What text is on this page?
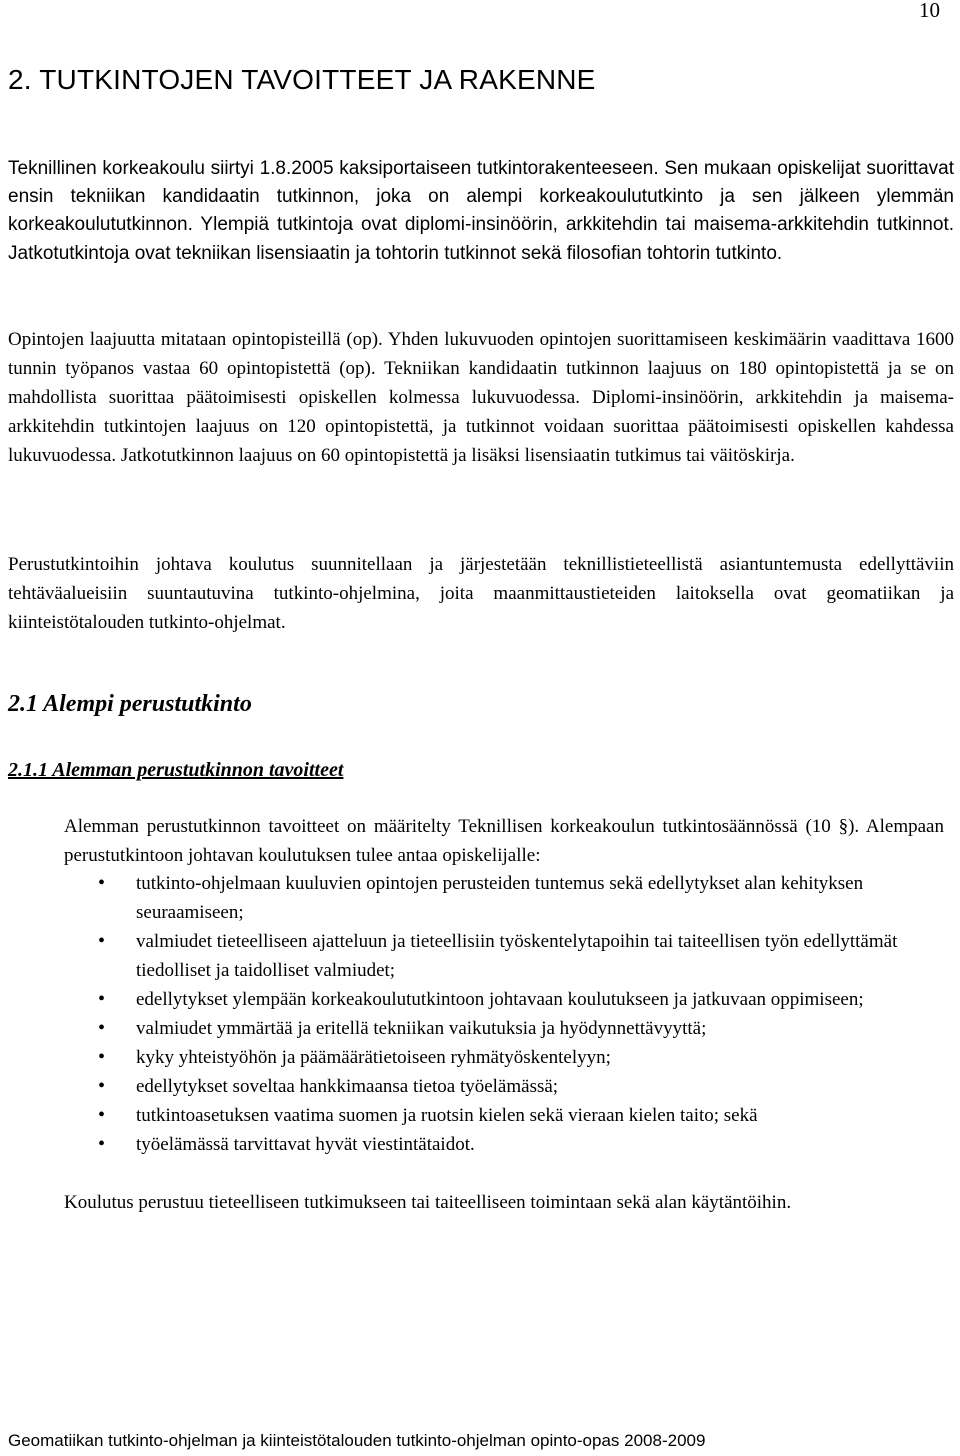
10
2. TUTKINTOJEN TAVOITTEET JA RAKENNE

Teknillinen korkeakoulu siirtyi 1.8.2005 kaksiportaiseen tutkintorakenteeseen. Sen mukaan opiskelijat suorittavat ensin tekniikan kandidaatin tutkinnon, joka on alempi korkeakoulututkinto ja sen jälkeen ylemmän korkeakoulututkinnon. Ylempiä tutkintoja ovat diplomi-insinöörin, arkkitehdin tai maisema-arkkitehdin tutkinnot. Jatkotutkintoja ovat tekniikan lisensiaatin ja tohtorin tutkinnot sekä filosofian tohtorin tutkinto.

Opintojen laajuutta mitataan opintopisteillä (op). Yhden lukuvuoden opintojen suorittamiseen keskimäärin vaadittava 1600 tunnin työpanos vastaa 60 opintopistettä (op). Tekniikan kandidaatin tutkinnon laajuus on 180 opintopistettä ja se on mahdollista suorittaa päätoimisesti opiskellen kolmessa lukuvuodessa. Diplomi-insinöörin, arkkitehdin ja maisema-arkkitehdin tutkintojen laajuus on 120 opintopistettä, ja tutkinnot voidaan suorittaa päätoimisesti opiskellen kahdessa lukuvuodessa. Jatkotutkinnon laajuus on 60 opintopistettä ja lisäksi lisensiaatin tutkimus tai väitöskirja.

Perustutkintoihin johtava koulutus suunnitellaan ja järjestetään teknillistieteellistä asiantuntemusta edellyttäviin tehtäväalueisiin suuntautuvina tutkinto-ohjelmina, joita maanmittaustieteiden laitoksella ovat geomatiikan ja kiinteistötalouden tutkinto-ohjelmat.

2.1 Alempi perustutkinto
2.1.1 Alemman perustutkinnon tavoitteet

Alemman perustutkinnon tavoitteet on määritelty Teknillisen korkeakoulun tutkintosäännössä (10 §). Alempaan perustutkintoon johtavan koulutuksen tulee antaa opiskelijalle:

• tutkinto-ohjelmaan kuuluvien opintojen perusteiden tuntemus sekä edellytykset alan kehityksen seuraamiseen;
• valmiudet tieteelliseen ajatteluun ja tieteellisiin työskentelytapoihin tai taiteellisen työn edellyttämät tiedolliset ja taidolliset valmiudet;
• edellytykset ylempään korkeakoulututkintoon johtavaan koulutukseen ja jatkuvaan oppimiseen;
• valmiudet ymmärtää ja eritellä tekniikan vaikutuksia ja hyödynnettävyyttä;
• kyky yhteistyöhön ja päämäärätietoiseen ryhmätyöskentelyyn;
• edellytykset soveltaa hankkimaansa tietoa työelämässä;
• tutkintoasetuksen vaatima suomen ja ruotsin kielen sekä vieraan kielen taito; sekä
• työelämässä tarvittavat hyvät viestintätaidot.

Koulutus perustuu tieteelliseen tutkimukseen tai taiteelliseen toimintaan sekä alan käytäntöihin.

Geomatiikan tutkinto-ohjelman ja kiinteistötalouden tutkinto-ohjelman opinto-opas 2008-2009
